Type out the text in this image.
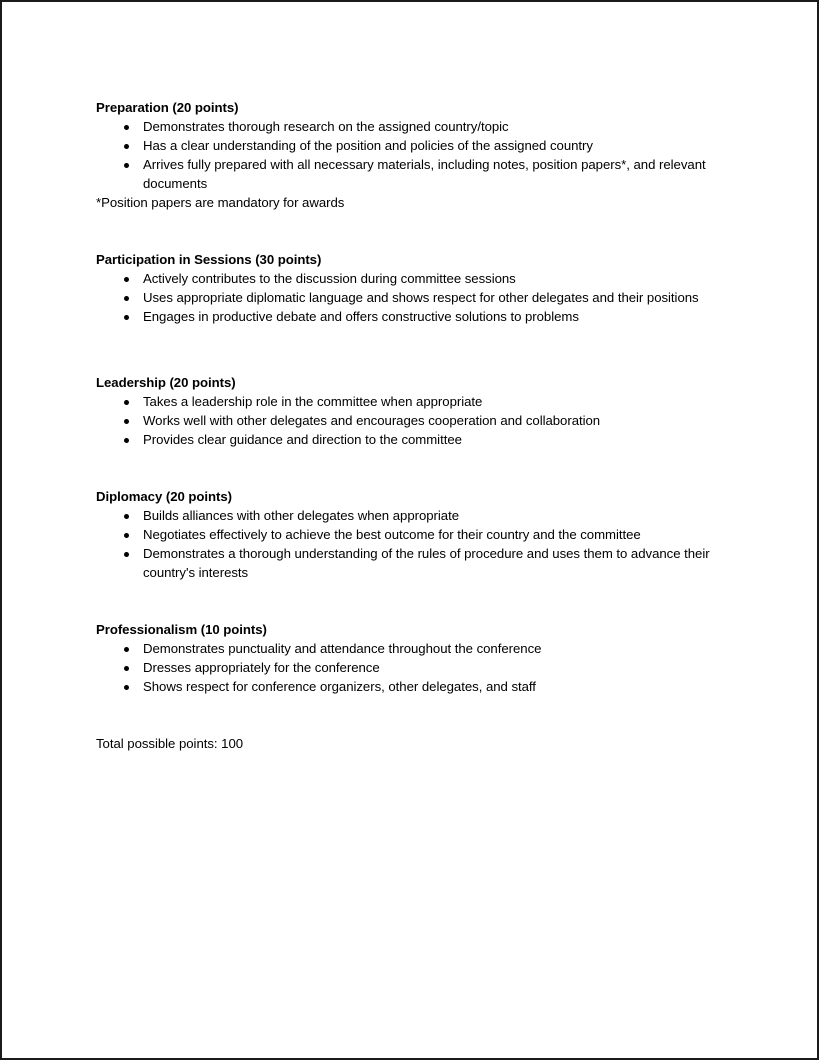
Preparation (20 points)

Demonstrates thorough research on the assigned country/topic
Has a clear understanding of the position and policies of the assigned country
Arrives fully prepared with all necessary materials, including notes, position papers*, and relevant documents

*Position papers are mandatory for awards

Participation in Sessions (30 points)

Actively contributes to the discussion during committee sessions
Uses appropriate diplomatic language and shows respect for other delegates and their positions
Engages in productive debate and offers constructive solutions to problems

Leadership (20 points)

Takes a leadership role in the committee when appropriate
Works well with other delegates and encourages cooperation and collaboration
Provides clear guidance and direction to the committee

Diplomacy (20 points)

Builds alliances with other delegates when appropriate
Negotiates effectively to achieve the best outcome for their country and the committee
Demonstrates a thorough understanding of the rules of procedure and uses them to advance their country's interests

Professionalism (10 points)

Demonstrates punctuality and attendance throughout the conference
Dresses appropriately for the conference
Shows respect for conference organizers, other delegates, and staff

Total possible points: 100
